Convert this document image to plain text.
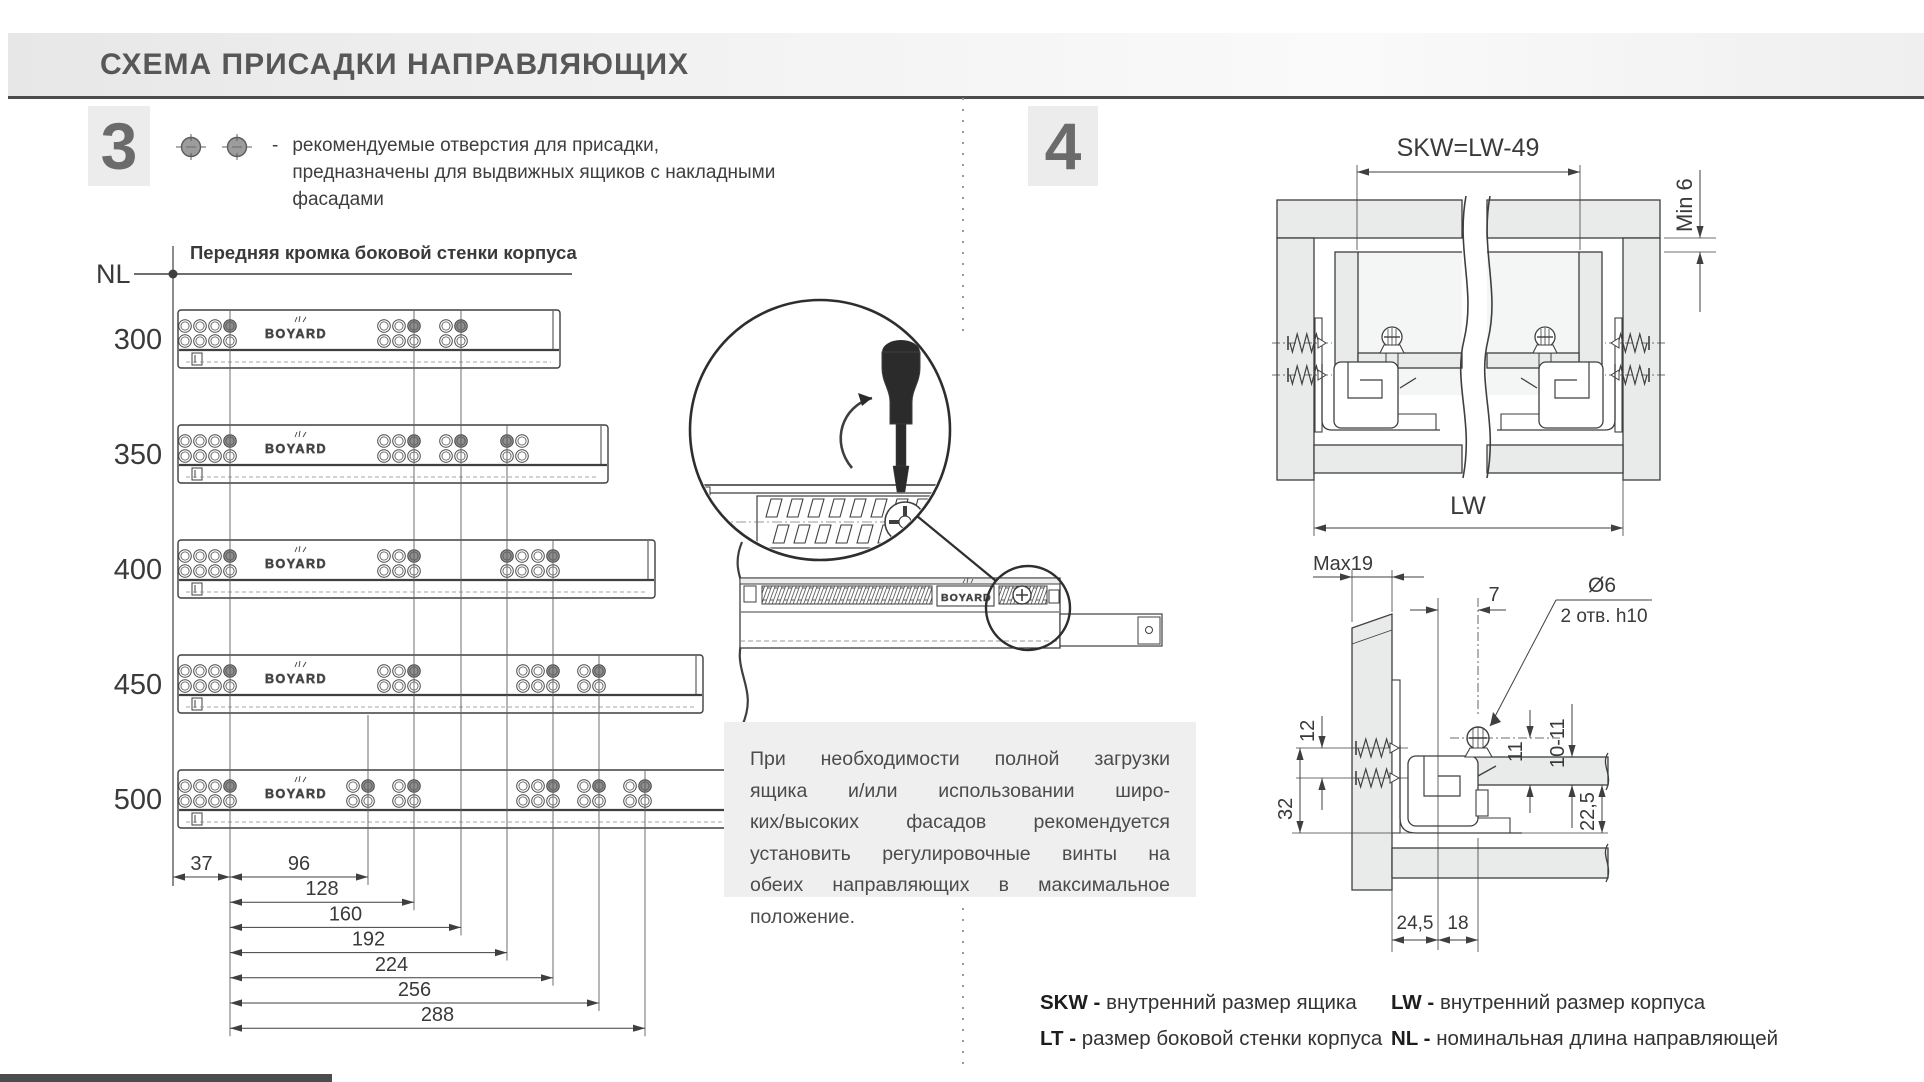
СХЕМА ПРИСАДКИ НАПРАВЛЯЮЩИХ
3	4
- рекомендуемые отверстия для присадки,
предназначены для выдвижных ящиков с накладными
фасадами
NL
Передняя кромка боковой стенки корпуса
BOYARD
300
BOYARD
350
BOYARD
400
BOYARD
450
BOYARD
500
37	96
128
160
192
224
256
288
BOYARD
SKW=LW-49
Min 6
LW
Max19
7	Ø6
2 отв. h10
12
32
11 10-11
22,5
24,5 18
При необходимости полной загрузки
ящика и/или использовании широ-
ких/высоких фасадов рекомендуется
установить регулировочные винты на
обеих направляющих в максимальное
положение.
SKW - внутренний размер ящика
LT - размер боковой стенки корпуса
LW - внутренний размер корпуса
NL - номинальная длина направляющей
